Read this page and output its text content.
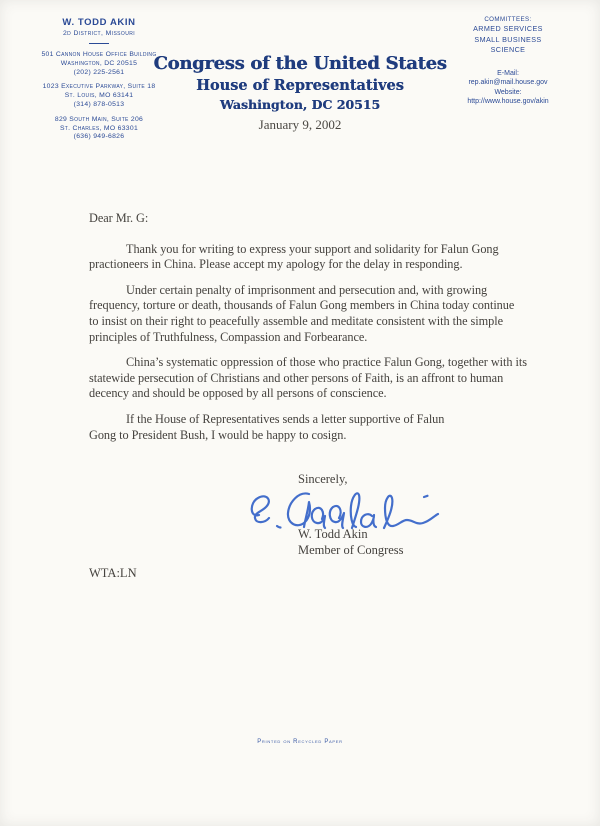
W. TODD AKIN
2d District, Missouri
501 Cannon House Office Building
Washington, DC 20515
(202) 225-2561
1023 Executive Parkway, Suite 18
St. Louis, MO 63141
(314) 878-0513
829 South Main, Suite 206
St. Charles, MO 63301
(636) 949-6826
Congress of the United States
House of Representatives
Washington, DC 20515
January 9, 2002
COMMITTEES:
ARMED SERVICES
SMALL BUSINESS
SCIENCE
E-Mail:
rep.akin@mail.house.gov
Website:
http://www.house.gov/akin
Dear Mr. G:
Thank you for writing to express your support and solidarity for Falun Gong
practioneers in China. Please accept my apology for the delay in responding.
Under certain penalty of imprisonment and persecution and, with growing
frequency, torture or death, thousands of Falun Gong members in China today continue
to insist on their right to peacefully assemble and meditate consistent with the simple
principles of Truthfulness, Compassion and Forbearance.
China’s systematic oppression of those who practice Falun Gong, together with its
statewide persecution of Christians and other persons of Faith, is an affront to human
decency and should be opposed by all persons of conscience.
If the House of Representatives sends a letter supportive of Falun
Gong to President Bush, I would be happy to cosign.
Sincerely,
W. Todd Akin
Member of Congress
WTA:LN
Printed on Recycled Paper
